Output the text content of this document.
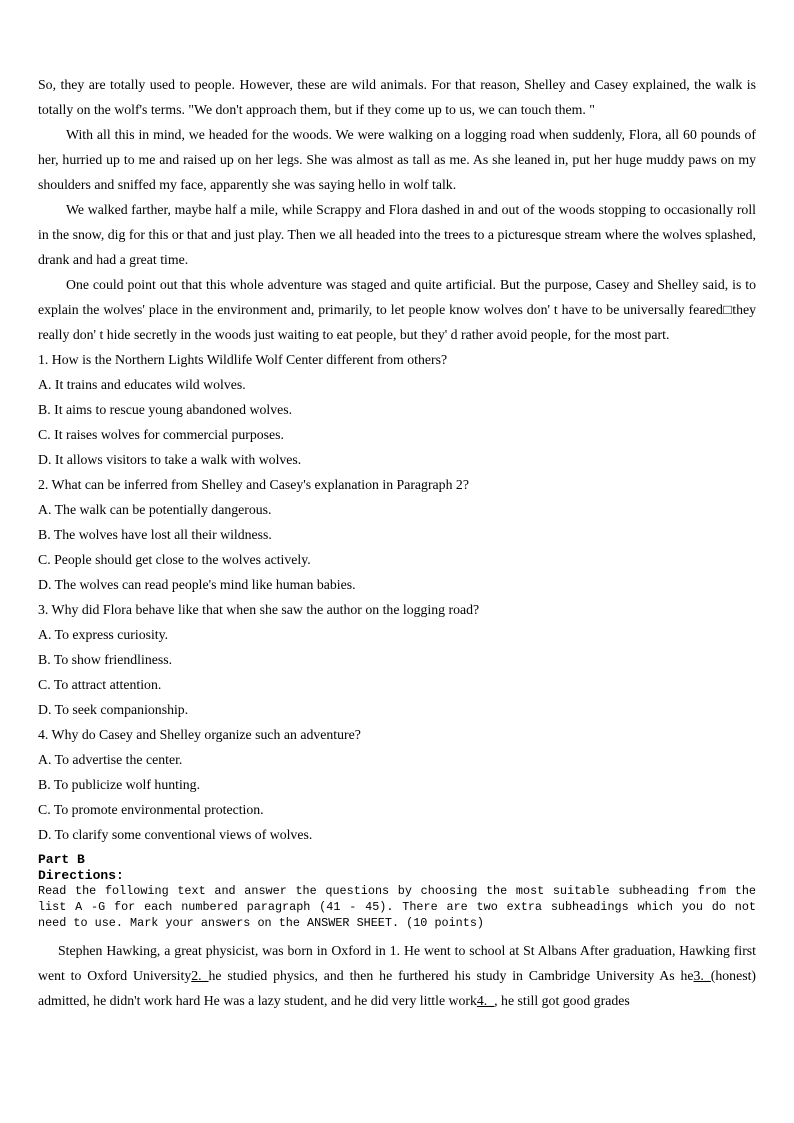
So, they are totally used to people. However, these are wild animals. For that reason, Shelley and Casey explained, the walk is totally on the wolf's terms. "We don't approach them, but if they come up to us, we can touch them. "

With all this in mind, we headed for the woods. We were walking on a logging road when suddenly, Flora, all 60 pounds of her, hurried up to me and raised up on her legs. She was almost as tall as me. As she leaned in, put her huge muddy paws on my shoulders and sniffed my face, apparently she was saying hello in wolf talk.

We walked farther, maybe half a mile, while Scrappy and Flora dashed in and out of the woods stopping to occasionally roll in the snow, dig for this or that and just play. Then we all headed into the trees to a picturesque stream where the wolves splashed, drank and had a great time.

One could point out that this whole adventure was staged and quite artificial. But the purpose, Casey and Shelley said, is to explain the wolves' place in the environment and, primarily, to let people know wolves don' t have to be universally feared□they really don' t hide secretly in the woods just waiting to eat people, but they' d rather avoid people, for the most part.

1. How is the Northern Lights Wildlife Wolf Center different from others?

A. It trains and educates wild wolves.

B. It aims to rescue young abandoned wolves.

C. It raises wolves for commercial purposes.

D. It allows visitors to take a walk with wolves.

2. What can be inferred from Shelley and Casey's explanation in Paragraph 2?

A. The walk can be potentially dangerous.

B. The wolves have lost all their wildness.

C. People should get close to the wolves actively.

D. The wolves can read people's mind like human babies.

3. Why did Flora behave like that when she saw the author on the logging road?

A. To express curiosity.

B. To show friendliness.

C. To attract attention.

D. To seek companionship.

4. Why do Casey and Shelley organize such an adventure?

A. To advertise the center.

B. To publicize wolf hunting.

C. To promote environmental protection.

D. To clarify some conventional views of wolves.

Part B
Directions:
Read the following text and answer the questions by choosing the most suitable subheading from the list A -G for each numbered paragraph (41 - 45). There are two extra subheadings which you do not need to use. Mark your answers on the ANSWER SHEET. (10 points)

Stephen Hawking, a great physicist, was born in Oxford in 1. He went to school at St Albans After graduation, Hawking first went to Oxford University2._he studied physics, and then he furthered his study in Cambridge University As he3._(honest) admitted, he didn't work hard He was a lazy student, and he did very little work4._, he still got good grades
